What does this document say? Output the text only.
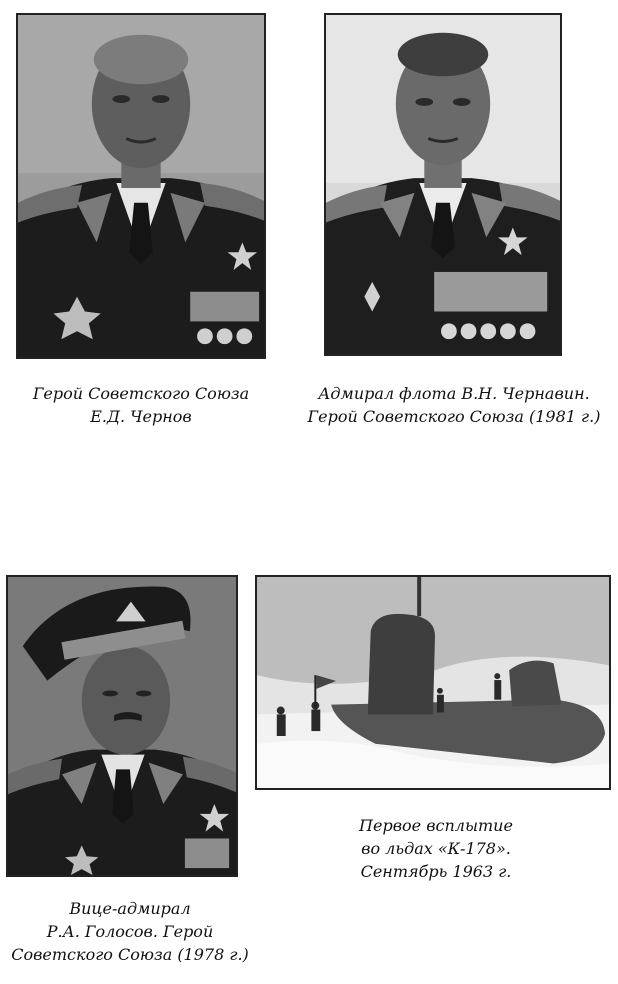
Герой Советского Союза
Е.Д. Чернов
Адмирал флота В.Н. Чернавин.
Герой Советского Союза (1981 г.)
Вице-адмирал
Р.А. Голосов. Герой
Советского Союза (1978 г.)
Первое всплытие
во льдах «К-178».
Сентябрь 1963 г.
